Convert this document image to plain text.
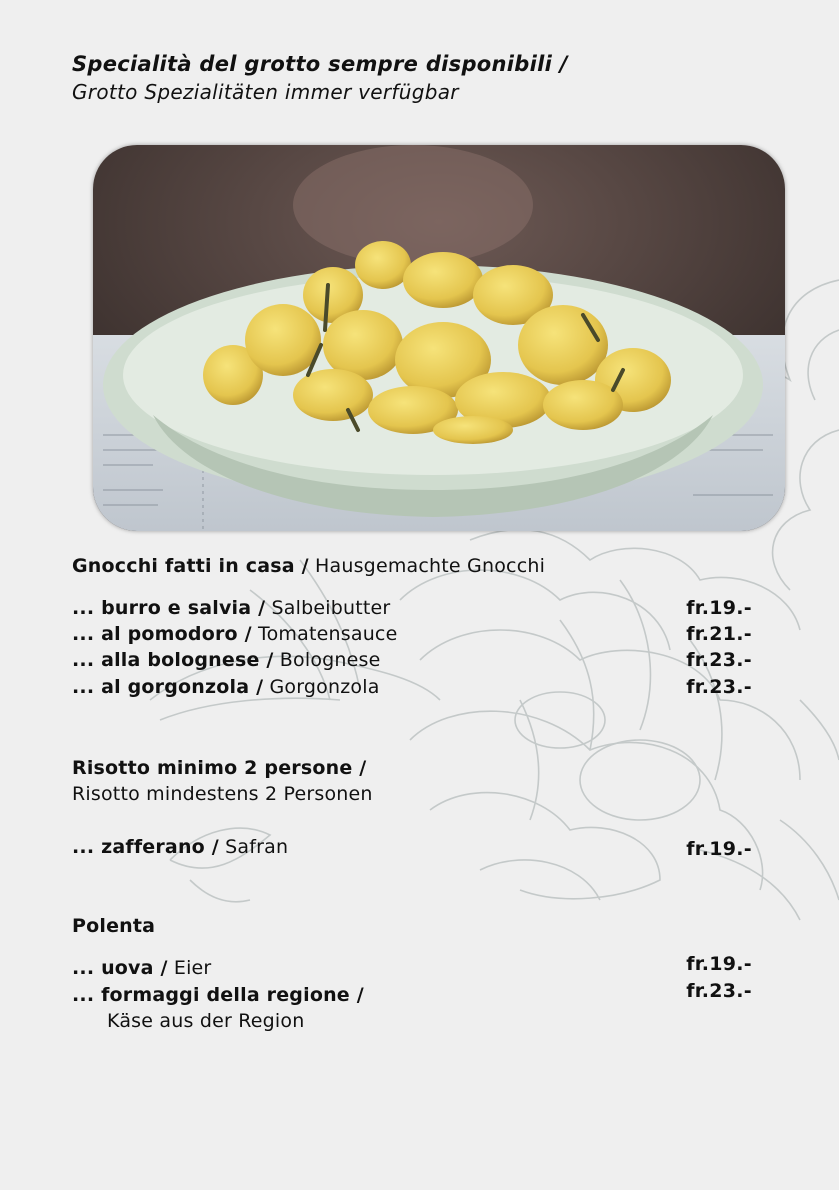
Specialità del grotto sempre disponibili /
Grotto Spezialitäten immer verfügbar
Gnocchi fatti in casa / Hausgemachte Gnocchi
... burro e salvia / Salbeibutter	fr.19.-
... al pomodoro / Tomatensauce	fr.21.-
... alla bolognese / Bolognese	fr.23.-
... al gorgonzola / Gorgonzola	fr.23.-
Risotto minimo 2 persone /
Risotto mindestens 2 Personen
... zafferano / Safran	fr.19.-
Polenta
... uova / Eier	fr.19.-
... formaggi della regione /
Käse aus der Region
fr.23.-
